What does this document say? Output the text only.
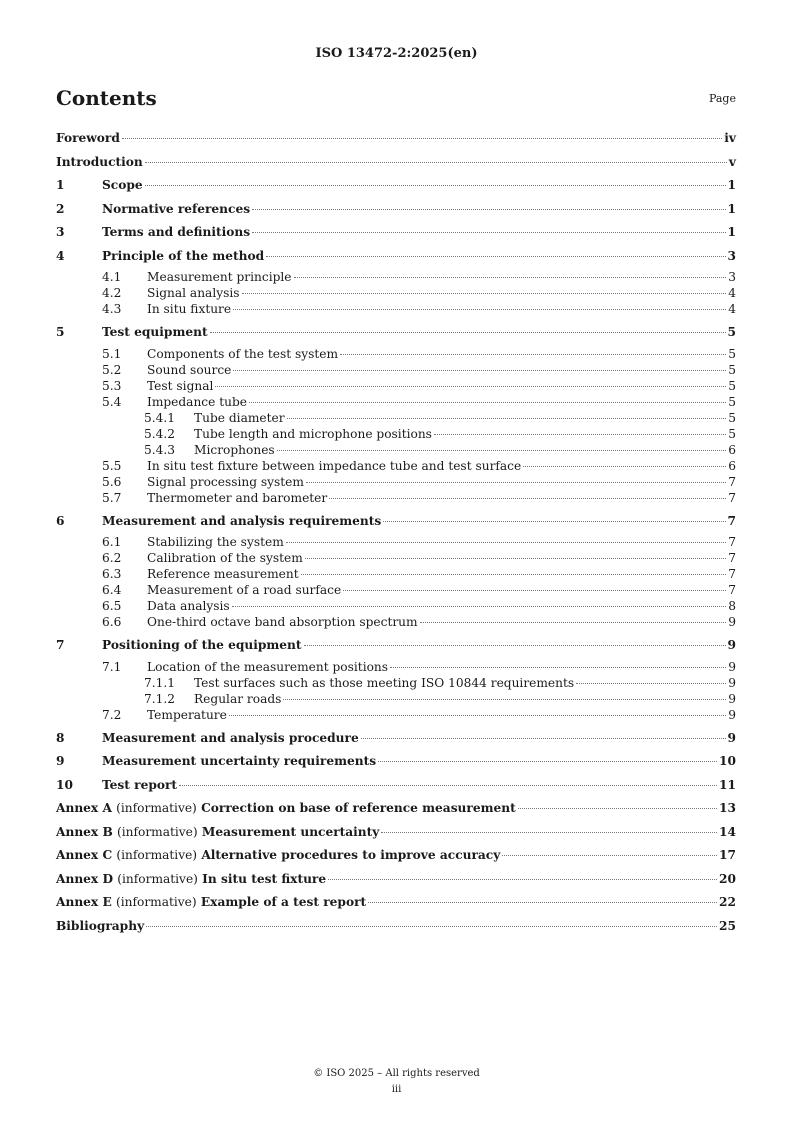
ISO 13472-2:2025(en)
Contents	Page
Foreword	iv
Introduction	v
1	Scope	1
2	Normative references	1
3	Terms and definitions	1
4	Principle of the method	3
4.1	Measurement principle	3
4.2	Signal analysis	4
4.3	In situ fixture	4
5	Test equipment	5
5.1	Components of the test system	5
5.2	Sound source	5
5.3	Test signal	5
5.4	Impedance tube	5
5.4.1	Tube diameter	5
5.4.2	Tube length and microphone positions	5
5.4.3	Microphones	6
5.5	In situ test fixture between impedance tube and test surface	6
5.6	Signal processing system	7
5.7	Thermometer and barometer	7
6	Measurement and analysis requirements	7
6.1	Stabilizing the system	7
6.2	Calibration of the system	7
6.3	Reference measurement	7
6.4	Measurement of a road surface	7
6.5	Data analysis	8
6.6	One-third octave band absorption spectrum	9
7	Positioning of the equipment	9
7.1	Location of the measurement positions	9
7.1.1	Test surfaces such as those meeting ISO 10844 requirements	9
7.1.2	Regular roads	9
7.2	Temperature	9
8	Measurement and analysis procedure	9
9	Measurement uncertainty requirements	10
10	Test report	11
Annex A (informative) Correction on base of reference measurement	13
Annex B (informative) Measurement uncertainty	14
Annex C (informative) Alternative procedures to improve accuracy	17
Annex D (informative) In situ test fixture	20
Annex E (informative) Example of a test report	22
Bibliography	25
© ISO 2025 – All rights reserved
iii
